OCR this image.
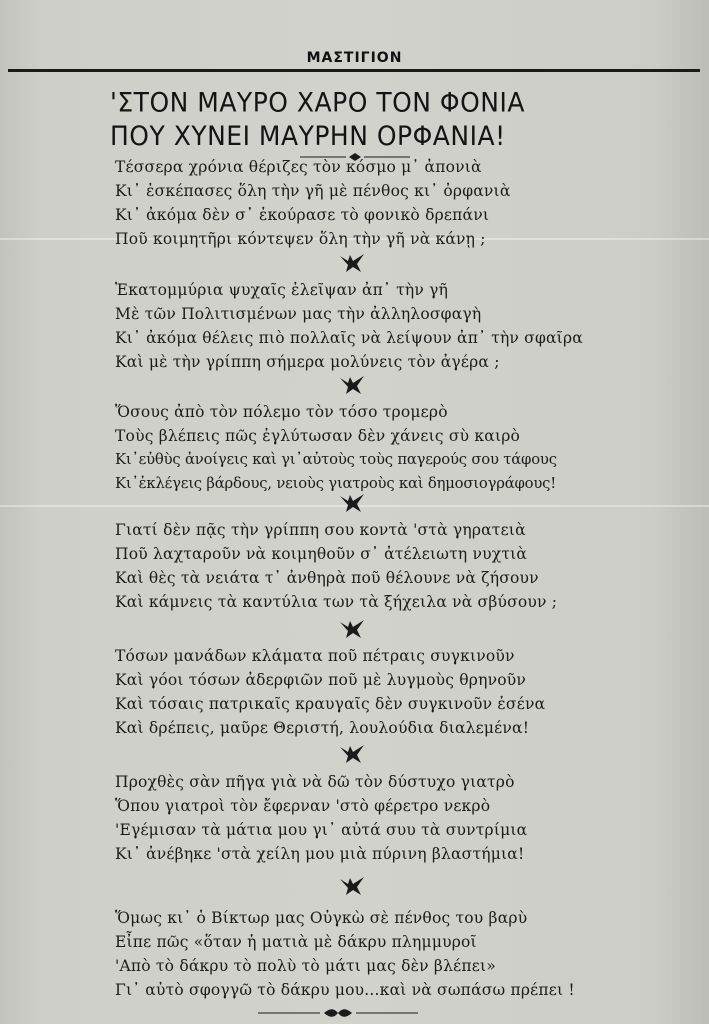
ΜΑΣΤΙΓΙΟΝ
'ΣΤΟΝ ΜΑΥΡΟ ΧΑΡΟ ΤΟΝ ΦΟΝΙΑ
ΠΟΥ ΧΥΝΕΙ ΜΑΥΡΗΝ ΟΡΦΑΝΙΑ!
Τέσσερα χρόνια θέριζες τὸν κόσμο μ᾽ ἀπονιὰ
Κι᾽ ἐσκέπασες ὅλη τὴν γῆ μὲ πένθος κι᾽ ὀρφανιὰ
Κι᾽ ἀκόμα δὲν σ᾽ ἐκούρασε τὸ φονικὸ δρεπάνι
Ποῦ κοιμητῆρι κόντεψεν ὅλη τὴν γῆ νὰ κάνῃ ;
Ἑκατομμύρια ψυχαῖς ἐλεῖψαν ἀπ᾽ τὴν γῆ
Μὲ τῶν Πολιτισμένων μας τὴν ἀλληλοσφαγὴ
Κι᾽ ἀκόμα θέλεις πιὸ πολλαῖς νὰ λείψουν ἀπ᾽ τὴν σφαῖρα
Καὶ μὲ τὴν γρίππη σήμερα μολύνεις τὸν ἀγέρα ;
Ὅσους ἀπὸ τὸν πόλεμο τὸν τόσο τρομερὸ
Τοὺς βλέπεις πῶς ἐγλύτωσαν δὲν χάνεις σὺ καιρὸ
Κι᾽εὐθὺς ἀνοίγεις καὶ γι᾽αὐτοὺς τοὺς παγερούς σου τάφους
Κι᾽ἐκλέγεις βάρδους, νειοὺς γιατροὺς καὶ δημοσιογράφους!
Γιατί δὲν πᾷς τὴν γρίππη σου κοντὰ 'στὰ γηρατειὰ
Ποῦ λαχταροῦν νὰ κοιμηθοῦν σ᾽ ἀτέλειωτη νυχτιὰ
Καὶ θὲς τὰ νειάτα τ᾽ ἀνθηρὰ ποῦ θέλουνε νὰ ζήσουν
Καὶ κάμνεις τὰ καντύλια των τὰ ξήχειλα νὰ σβύσουν ;
Τόσων μανάδων κλάματα ποῦ πέτραις συγκινοῦν
Καὶ γόοι τόσων ἀδερφιῶν ποῦ μὲ λυγμοὺς θρηνοῦν
Καὶ τόσαις πατρικαῖς κραυγαῖς δὲν συγκινοῦν ἐσένα
Καὶ δρέπεις, μαῦρε Θεριστή, λουλούδια διαλεμένα!
Προχθὲς σὰν πῆγα γιὰ νὰ δῶ τὸν δύστυχο γιατρὸ
Ὅπου γιατροὶ τὸν ἔφερναν 'στὸ φέρετρο νεκρὸ
'Εγέμισαν τὰ μάτια μου γι᾽ αὐτά συυ τὰ συντρίμια
Κι᾽ ἀνέβηκε 'στὰ χείλη μου μιὰ πύρινη βλαστήμια!
Ὅμως κι᾽ ὁ Βίκτωρ μας Οὐγκὼ σὲ πένθος του βαρὺ
Εἶπε πῶς «ὅταν ἡ ματιὰ μὲ δάκρυ πλημμυροῖ
'Απὸ τὸ δάκρυ τὸ πολὺ τὸ μάτι μας δὲν βλέπει»
Γι᾽ αὐτὸ σφογγῶ τὸ δάκρυ μου...καὶ νὰ σωπάσω πρέπει !
